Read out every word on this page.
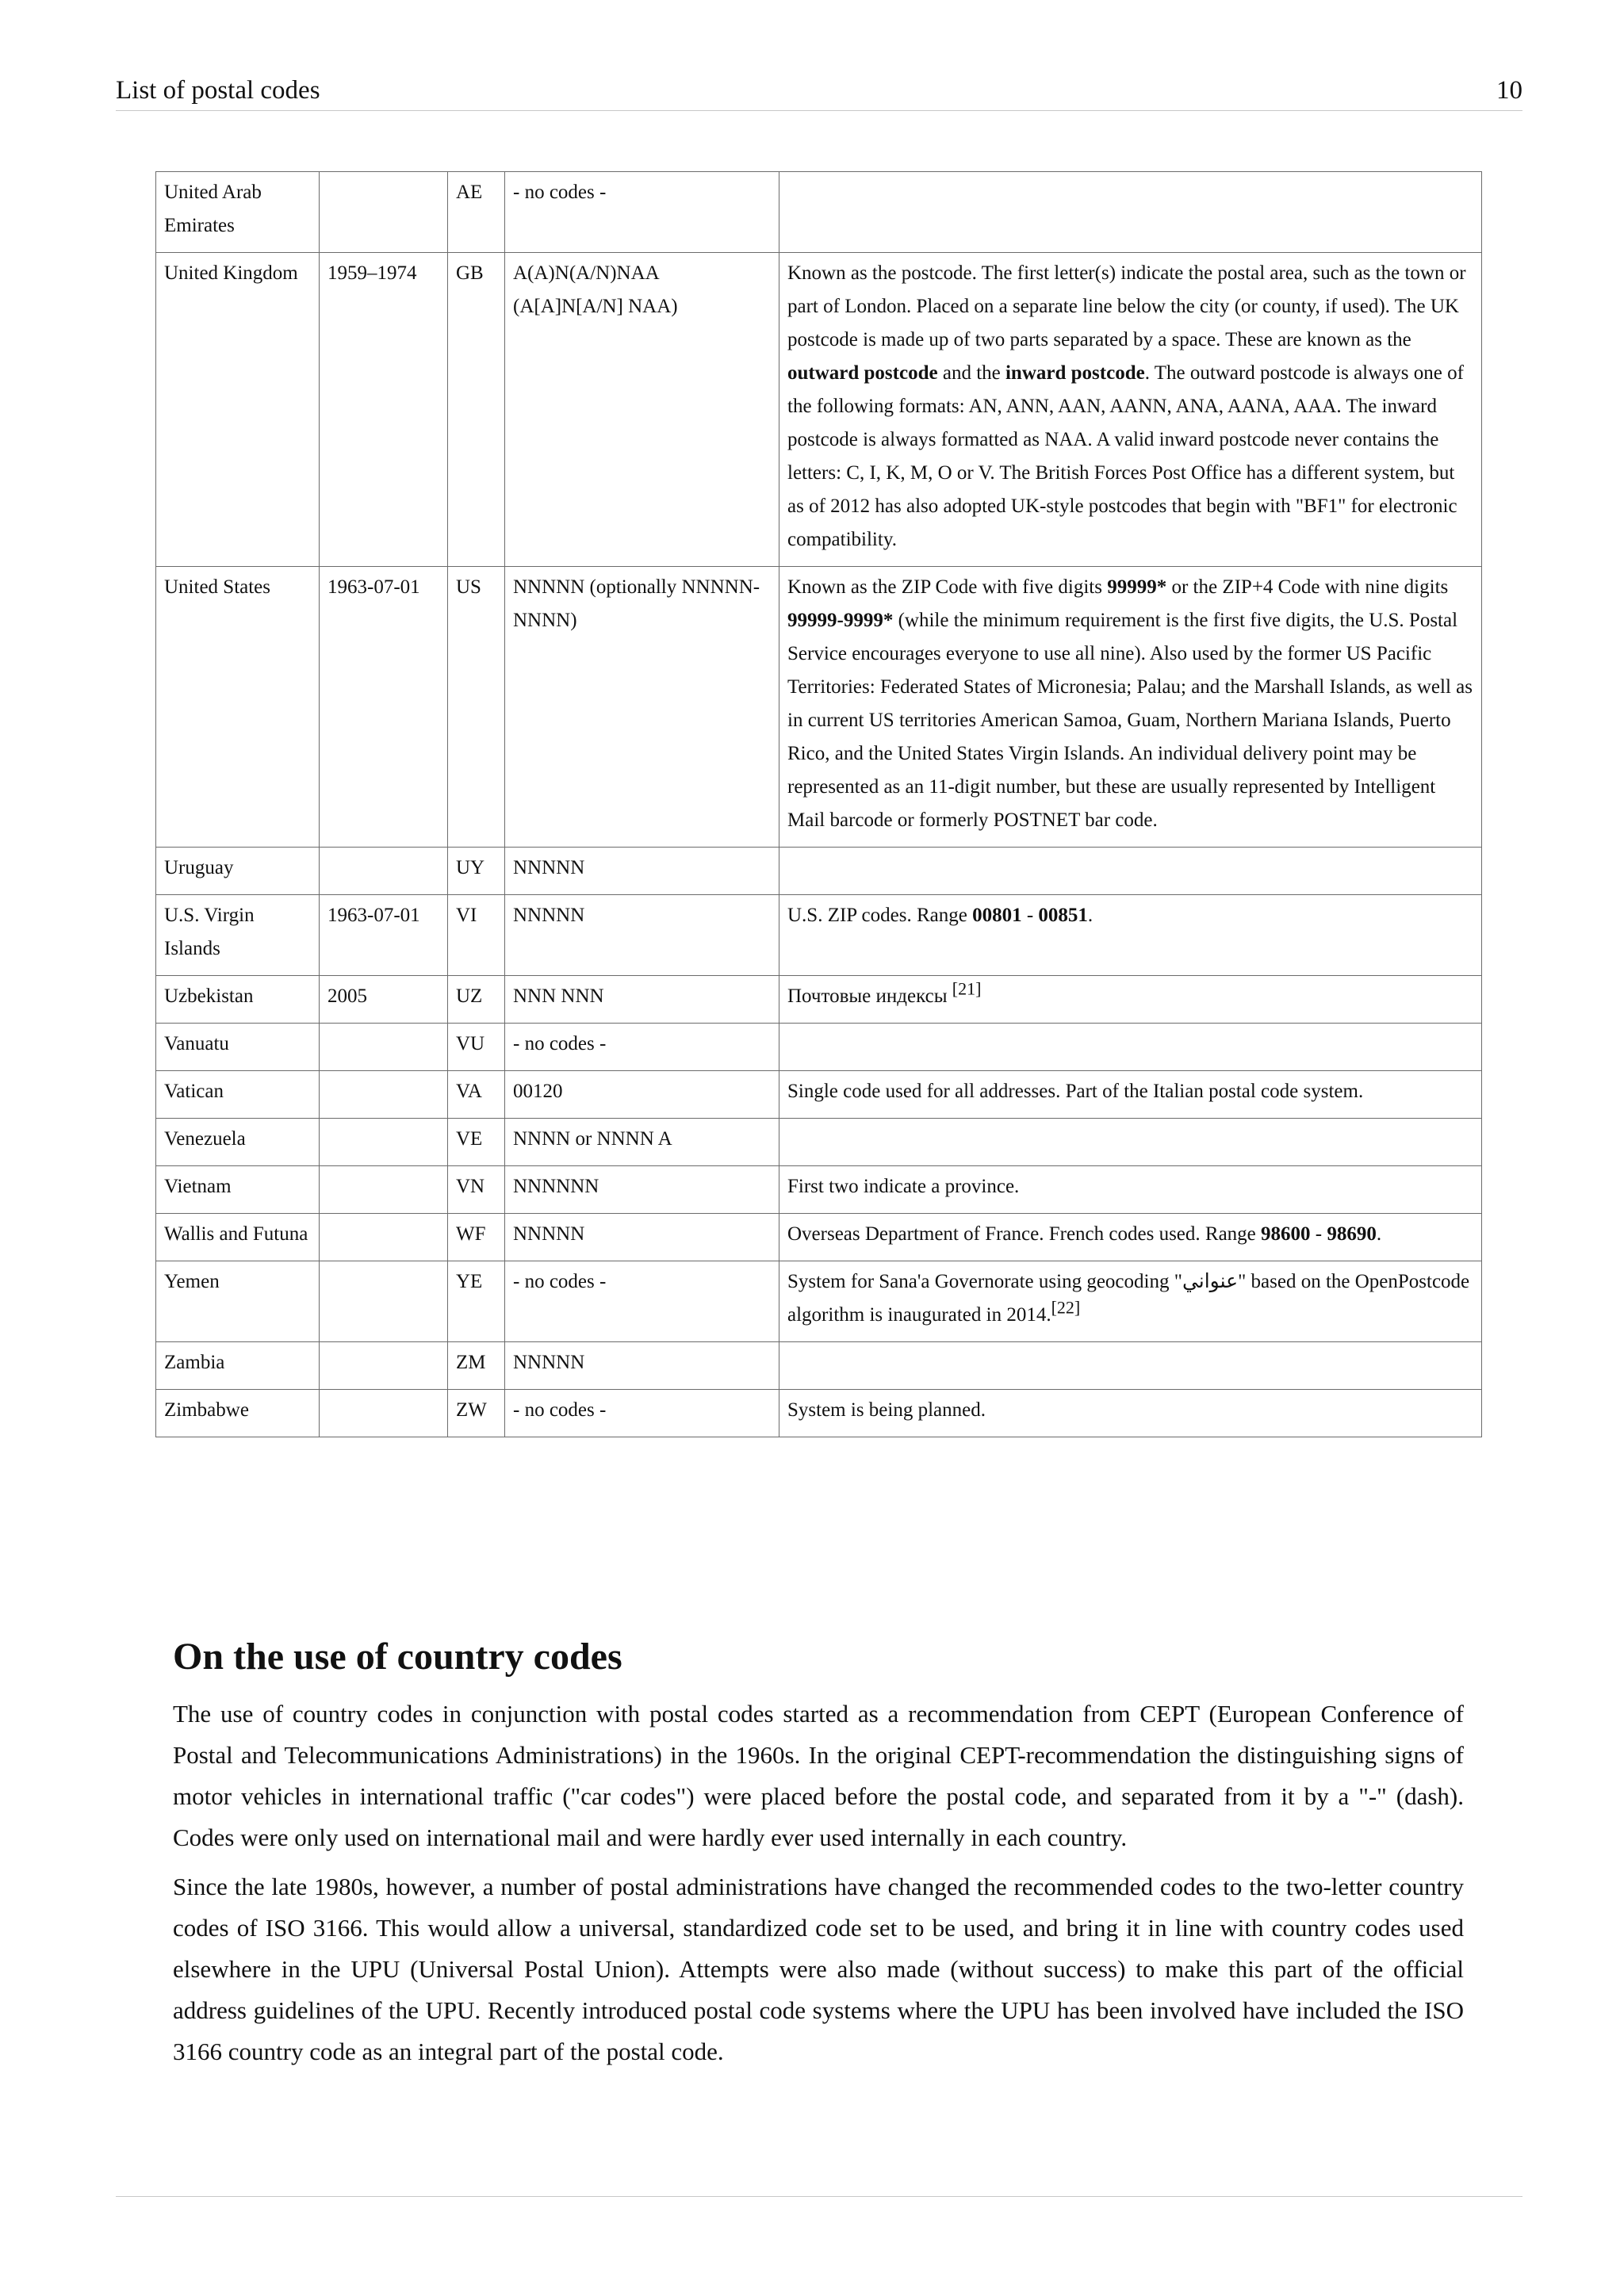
List of postal codes	10
United Arab Emirates		AE	- no codes -	
United Kingdom	1959–1974	GB	A(A)N(A/N)NAA (A[A]N[A/N] NAA)	Known as the postcode. The first letter(s) indicate the postal area, such as the town or part of London. Placed on a separate line below the city (or county, if used). The UK postcode is made up of two parts separated by a space. These are known as the outward postcode and the inward postcode. The outward postcode is always one of the following formats: AN, ANN, AAN, AANN, ANA, AANA, AAA. The inward postcode is always formatted as NAA. A valid inward postcode never contains the letters: C, I, K, M, O or V. The British Forces Post Office has a different system, but as of 2012 has also adopted UK-style postcodes that begin with "BF1" for electronic compatibility.
United States	1963-07-01	US	NNNNN (optionally NNNNN-NNNN)	Known as the ZIP Code with five digits 99999* or the ZIP+4 Code with nine digits 99999-9999* (while the minimum requirement is the first five digits, the U.S. Postal Service encourages everyone to use all nine). Also used by the former US Pacific Territories: Federated States of Micronesia; Palau; and the Marshall Islands, as well as in current US territories American Samoa, Guam, Northern Mariana Islands, Puerto Rico, and the United States Virgin Islands. An individual delivery point may be represented as an 11-digit number, but these are usually represented by Intelligent Mail barcode or formerly POSTNET bar code.
Uruguay		UY	NNNNN	
U.S. Virgin Islands	1963-07-01	VI	NNNNN	U.S. ZIP codes. Range 00801 - 00851.
Uzbekistan	2005	UZ	NNN NNN	Почтовые индексы [21]
Vanuatu		VU	- no codes -	
Vatican		VA	00120	Single code used for all addresses. Part of the Italian postal code system.
Venezuela		VE	NNNN or NNNN A	
Vietnam		VN	NNNNNN	First two indicate a province.
Wallis and Futuna		WF	NNNNN	Overseas Department of France. French codes used. Range 98600 - 98690.
Yemen		YE	- no codes -	System for Sana'a Governorate using geocoding "عنواني" based on the OpenPostcode algorithm is inaugurated in 2014.[22]
Zambia		ZM	NNNNN	
Zimbabwe		ZW	- no codes -	System is being planned.
On the use of country codes

The use of country codes in conjunction with postal codes started as a recommendation from CEPT (European Conference of Postal and Telecommunications Administrations) in the 1960s. In the original CEPT-recommendation the distinguishing signs of motor vehicles in international traffic ("car codes") were placed before the postal code, and separated from it by a "-" (dash). Codes were only used on international mail and were hardly ever used internally in each country.

Since the late 1980s, however, a number of postal administrations have changed the recommended codes to the two-letter country codes of ISO 3166. This would allow a universal, standardized code set to be used, and bring it in line with country codes used elsewhere in the UPU (Universal Postal Union). Attempts were also made (without success) to make this part of the official address guidelines of the UPU. Recently introduced postal code systems where the UPU has been involved have included the ISO 3166 country code as an integral part of the postal code.
